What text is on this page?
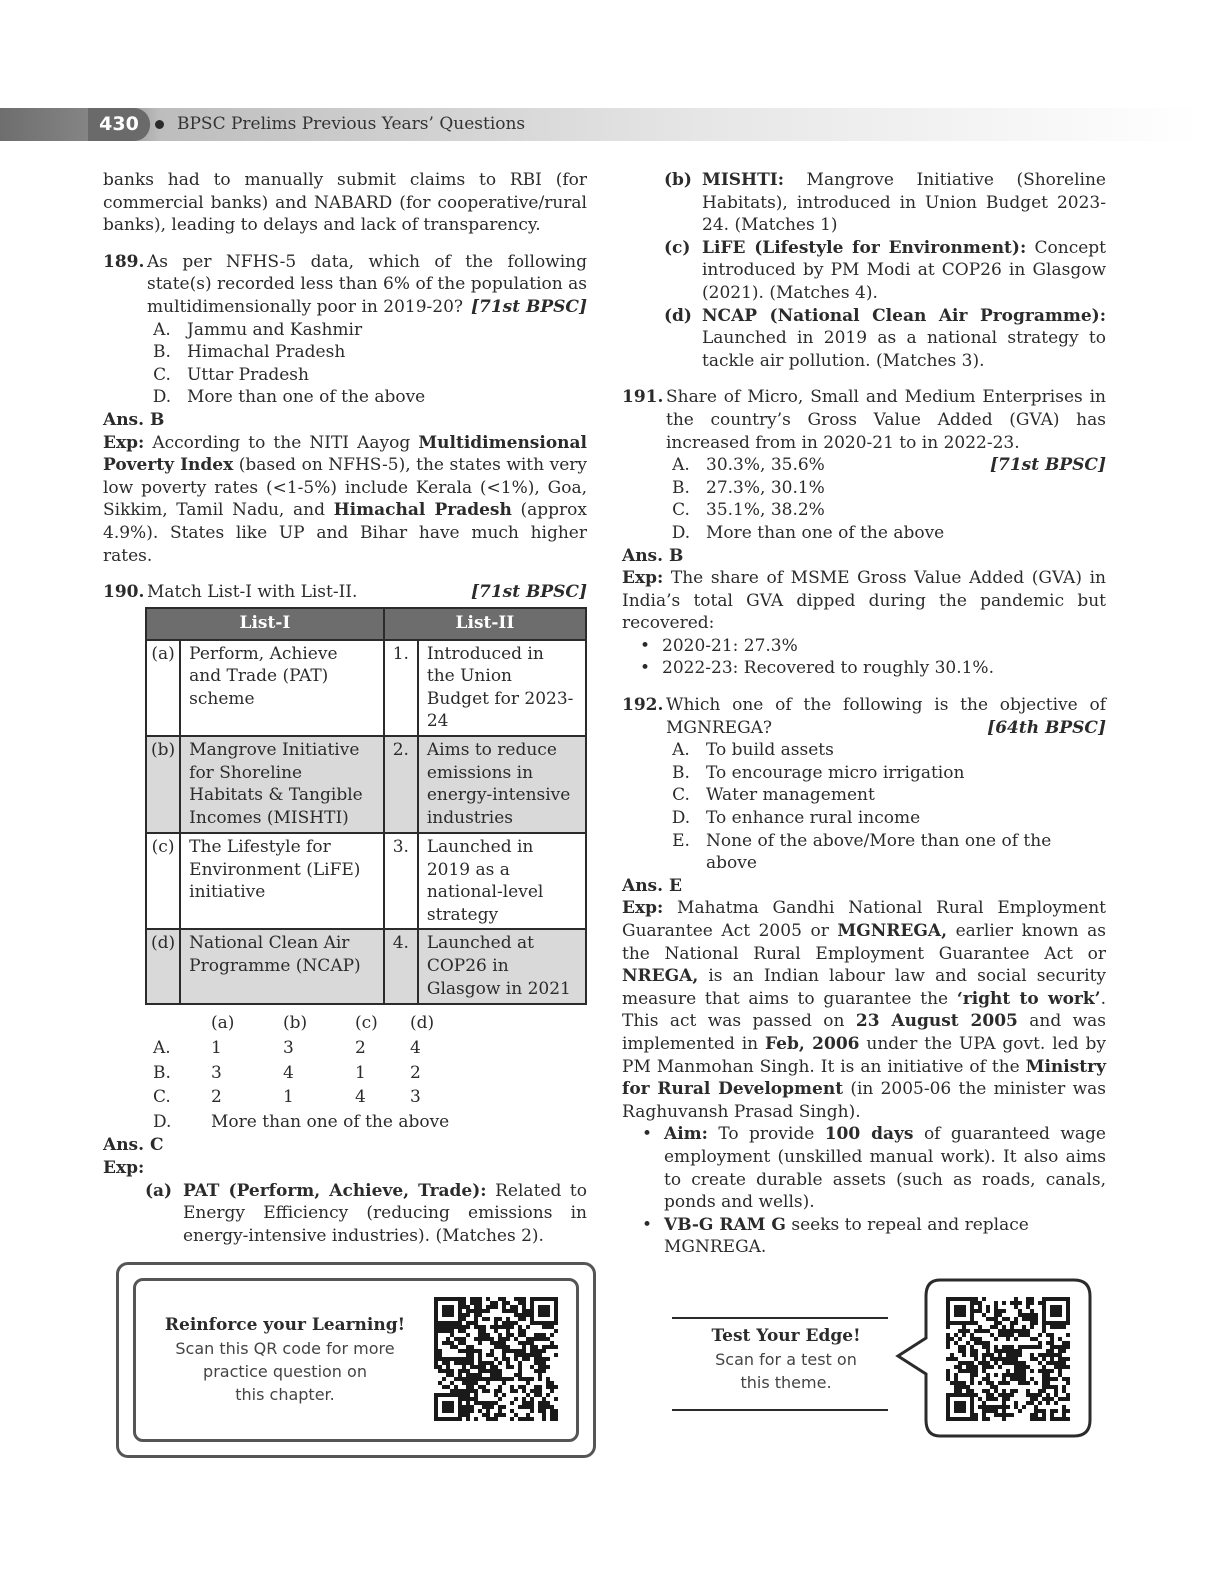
430	BPSC Prelims Previous Years’ Questions

banks had to manually submit claims to RBI (for commercial banks) and NABARD (for cooperative/rural banks), leading to delays and lack of transparency.

189. As per NFHS-5 data, which of the following state(s) recorded less than 6% of the population as multidimensionally poor in 2019-20? [71st BPSC]

A. Jammu and Kashmir
B. Himachal Pradesh
C. Uttar Pradesh
D. More than one of the above

Ans. B

Exp: According to the NITI Aayog Multidimensional Poverty Index (based on NFHS-5), the states with very low poverty rates (<1-5%) include Kerala (<1%), Goa, Sikkim, Tamil Nadu, and Himachal Pradesh (approx 4.9%). States like UP and Bihar have much higher rates.

190. Match List-I with List-II.	[71st BPSC]

List-I		List-II	
(a)	Perform, Achieve and Trade (PAT) scheme	1.	Introduced in the Union Budget for 2023-24
(b)	Mangrove Initiative for Shoreline Habitats & Tangible Incomes (MISHTI)	2.	Aims to reduce emissions in energy-intensive industries
(c)	The Lifestyle for Environment (LiFE) initiative	3.	Launched in 2019 as a national-level strategy
(d)	National Clean Air Programme (NCAP)	4.	Launched at COP26 in Glasgow in 2021
	(a)	(b)	(c)	(d)
A.	1	3	2	4
B.	3	4	1	2
C.	2	1	4	3
D.	More than one of the above			

Ans. C

Exp:

(a) PAT (Perform, Achieve, Trade): Related to Energy Efficiency (reducing emissions in energy-intensive industries). (Matches 2).
(b) MISHTI: Mangrove Initiative (Shoreline Habitats), introduced in Union Budget 2023-24. (Matches 1)
(c) LiFE (Lifestyle for Environment): Concept introduced by PM Modi at COP26 in Glasgow (2021). (Matches 4).
(d) NCAP (National Clean Air Programme): Launched in 2019 as a national strategy to tackle air pollution. (Matches 3).

191. Share of Micro, Small and Medium Enterprises in the country’s Gross Value Added (GVA) has increased from in 2020-21 to in 2022-23.
[71st BPSC]

A. 30.3%, 35.6%
B. 27.3%, 30.1%
C. 35.1%, 38.2%
D. More than one of the above

Ans. B

Exp: The share of MSME Gross Value Added (GVA) in India’s total GVA dipped during the pandemic but recovered:

• 2020-21: 27.3%
• 2022-23: Recovered to roughly 30.1%.

192. Which one of the following is the objective of MGNREGA?	[64th BPSC]

A. To build assets
B. To encourage micro irrigation
C. Water management
D. To enhance rural income
E. None of the above/More than one of the above

Ans. E

Exp: Mahatma Gandhi National Rural Employment Guarantee Act 2005 or MGNREGA, earlier known as the National Rural Employment Guarantee Act or NREGA, is an Indian labour law and social security measure that aims to guarantee the ‘right to work’. This act was passed on 23 August 2005 and was implemented in Feb, 2006 under the UPA govt. led by PM Manmohan Singh. It is an initiative of the Ministry for Rural Development (in 2005-06 the minister was Raghuvansh Prasad Singh).

• Aim: To provide 100 days of guaranteed wage employment (unskilled manual work). It also aims to create durable assets (such as roads, canals, ponds and wells).
• VB-G RAM G seeks to repeal and replace MGNREGA.
Reinforce your Learning!
Scan this QR code for more
practice question on
this chapter.
Test Your Edge!
Scan for a test on
this theme.
